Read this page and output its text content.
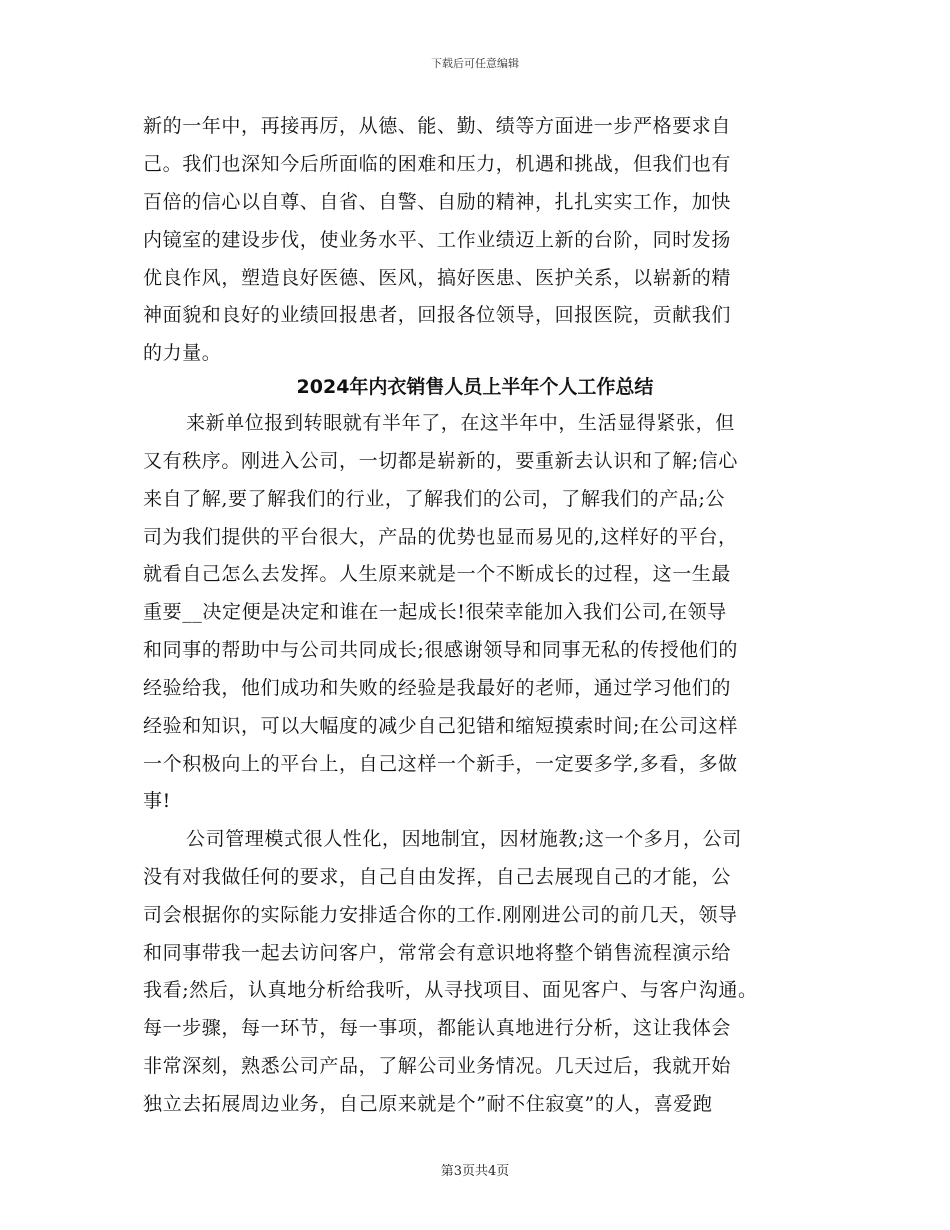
下载后可任意编辑
新的一年中，再接再厉，从德、能、勤、绩等方面进一步严格要求自
己。我们也深知今后所面临的困难和压力，机遇和挑战，但我们也有
百倍的信心以自尊、自省、自警、自励的精神，扎扎实实工作，加快
内镜室的建设步伐，使业务水平、工作业绩迈上新的台阶，同时发扬
优良作风，塑造良好医德、医风，搞好医患、医护关系，以崭新的精
神面貌和良好的业绩回报患者，回报各位领导，回报医院，贡献我们
的力量。
2024年内衣销售人员上半年个人工作总结
来新单位报到转眼就有半年了，在这半年中，生活显得紧张，但
又有秩序。刚进入公司，一切都是崭新的，要重新去认识和了解;信心
来自了解,要了解我们的行业，了解我们的公司，了解我们的产品;公
司为我们提供的平台很大，产品的优势也显而易见的,这样好的平台，
就看自己怎么去发挥。人生原来就是一个不断成长的过程，这一生最
重要__决定便是决定和谁在一起成长!很荣幸能加入我们公司,在领导
和同事的帮助中与公司共同成长;很感谢领导和同事无私的传授他们的
经验给我，他们成功和失败的经验是我最好的老师，通过学习他们的
经验和知识，可以大幅度的减少自己犯错和缩短摸索时间;在公司这样
一个积极向上的平台上，自己这样一个新手，一定要多学,多看，多做
事!
公司管理模式很人性化，因地制宜，因材施教;这一个多月，公司
没有对我做任何的要求，自己自由发挥，自己去展现自己的才能，公
司会根据你的实际能力安排适合你的工作.刚刚进公司的前几天，领导
和同事带我一起去访问客户，常常会有意识地将整个销售流程演示给
我看;然后，认真地分析给我听，从寻找项目、面见客户、与客户沟通。
每一步骤，每一环节，每一事项，都能认真地进行分析，这让我体会
非常深刻，熟悉公司产品，了解公司业务情况。几天过后，我就开始
独立去拓展周边业务，自己原来就是个”耐不住寂寞”的人，喜爱跑
第3页共4页
